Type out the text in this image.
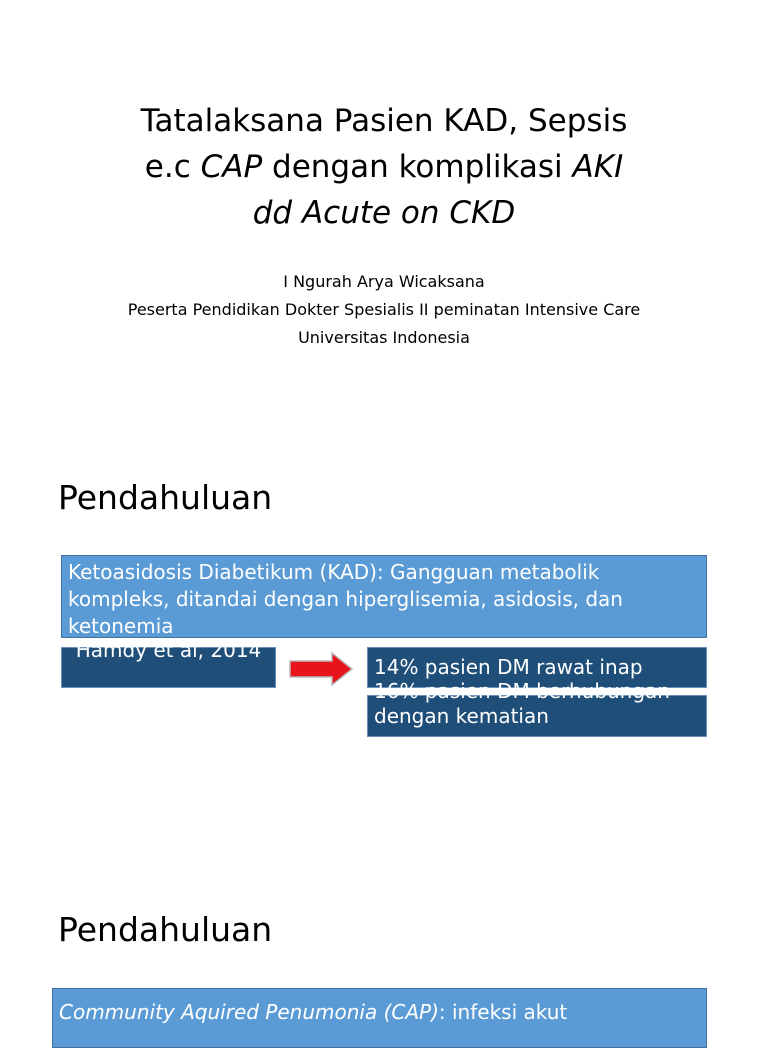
Tatalaksana Pasien KAD, Sepsis
e.c CAP dengan komplikasi AKI
dd Acute on CKD
I Ngurah Arya Wicaksana
Peserta Pendidikan Dokter Spesialis II peminatan Intensive Care
Universitas Indonesia
Pendahuluan
Ketoasidosis Diabetikum (KAD): Gangguan metabolik kompleks, ditandai dengan hiperglisemia, asidosis, dan ketonemia
Hamdy et al, 2014
14% pasien DM rawat inap
16% pasien DM berhubungan dengan kematian
Pendahuluan
Community Aquired Penumonia (CAP): infeksi akut
